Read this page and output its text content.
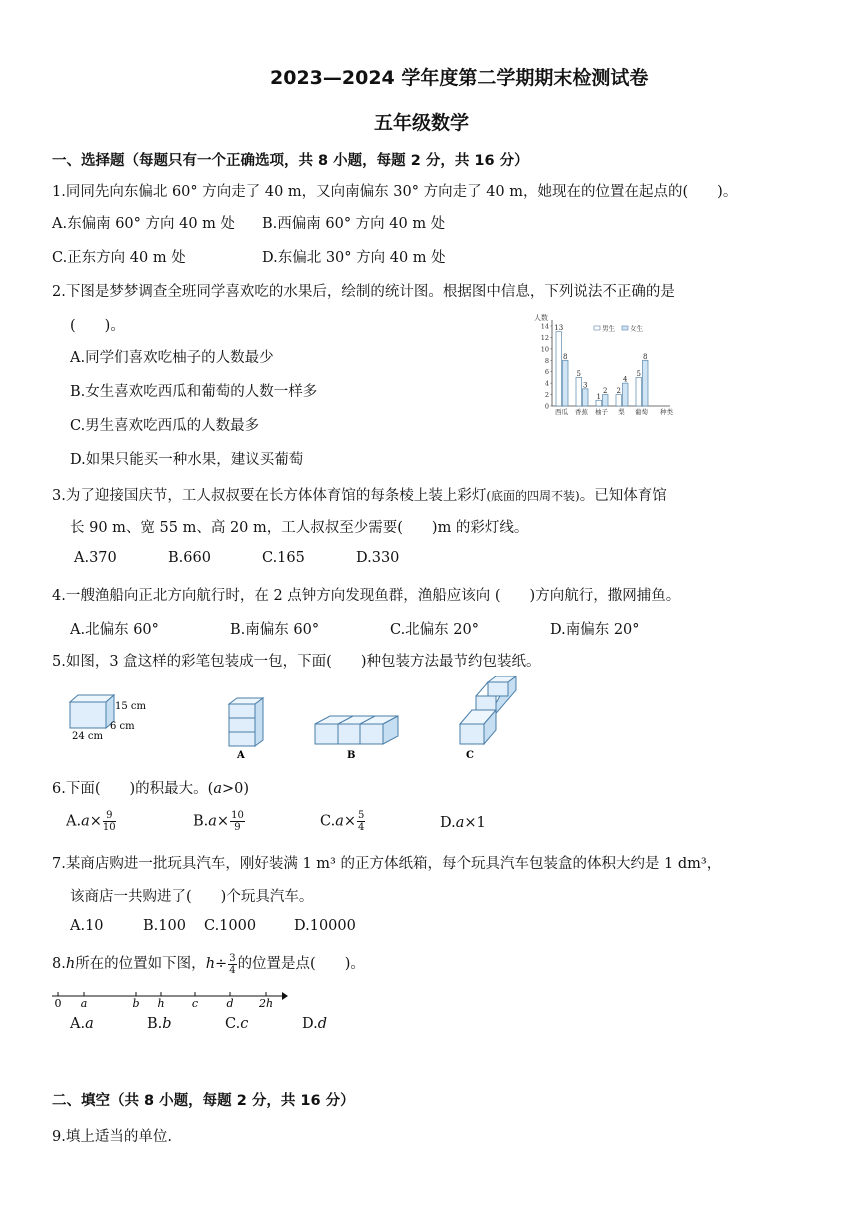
2023—2024 学年度第二学期期末检测试卷
五年级数学
一、选择题（每题只有一个正确选项，共 8 小题，每题 2 分，共 16 分）
1.同同先向东偏北 60° 方向走了 40 m，又向南偏东 30° 方向走了 40 m，她现在的位置在起点的(　　)。
A.东偏南 60° 方向 40 m 处 B.西偏南 60° 方向 40 m 处
C.正东方向 40 m 处	D.东偏北 30° 方向 40 m 处
2.下图是梦梦调查全班同学喜欢吃的水果后，绘制的统计图。根据图中信息，下列说法不正确的是
(　　)。
A.同学们喜欢吃柚子的人数最少
B.女生喜欢吃西瓜和葡萄的人数一样多
C.男生喜欢吃西瓜的人数最多
D.如果只能买一种水果，建议买葡萄
人数
0
2
4
6
8
10
12
14 13
8
西瓜
5
3
香蕉
1
2
柚子
2
4
梨
5
8
葡萄 种类
男生 女生
3.为了迎接国庆节，工人叔叔要在长方体体育馆的每条棱上装上彩灯(底面的四周不装)。已知体育馆
长 90 m、宽 55 m、高 20 m，工人叔叔至少需要(　　)m 的彩灯线。
A.370	B.660	C.165	D.330
4.一艘渔船向正北方向航行时，在 2 点钟方向发现鱼群，渔船应该向 (　　)方向航行，撒网捕鱼。
A.北偏东 60°	B.南偏东 60°	C.北偏东 20°	D.南偏东 20°
5.如图，3 盒这样的彩笔包装成一包，下面(　　)种包装方法最节约包装纸。
15 cm
6 cm
24 cm
A	B	C
6.下面(　　)的积最大。(a>0)
$A.a\times \frac{9}{10}$	$B.a\times \frac{10}{9}$	$C.a\times \frac{5}{4}$	D.a×1
7.某商店购进一批玩具汽车，刚好装满 1 m³ 的正方体纸箱，每个玩具汽车包装盒的体积大约是 1 dm³，
该商店一共购进了(　　)个玩具汽车。
A.10	B.100 C.1000	D.10000
8.h所在的位置如下图，$h\div \frac{3}{4}$ 的位置是点(　　)。
0 a	b h c	d 2h
A.a	B.b	C.c	D.d
二、填空（共 8 小题，每题 2 分，共 16 分）
9.填上适当的单位.
